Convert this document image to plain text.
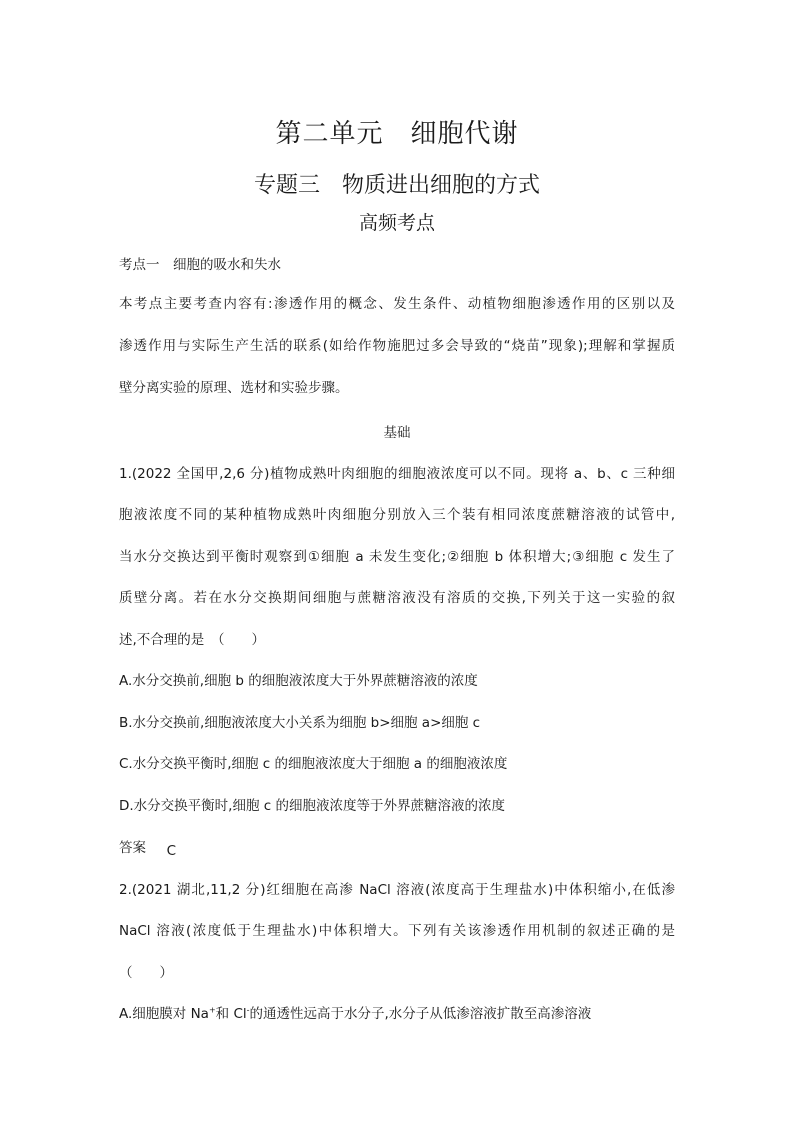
第二单元　细胞代谢
专题三　物质进出细胞的方式
高频考点
考点一　细胞的吸水和失水
本考点主要考查内容有:渗透作用的概念、发生条件、动植物细胞渗透作用的区别以及
渗透作用与实际生产生活的联系(如给作物施肥过多会导致的“烧苗”现象);理解和掌握质
壁分离实验的原理、选材和实验步骤。
基础
1.(2022 全国甲,2,6 分)植物成熟叶肉细胞的细胞液浓度可以不同。现将 a、b、c 三种细
胞液浓度不同的某种植物成熟叶肉细胞分别放入三个装有相同浓度蔗糖溶液的试管中,
当水分交换达到平衡时观察到①细胞 a 未发生变化;②细胞 b 体积增大;③细胞 c 发生了
质壁分离。若在水分交换期间细胞与蔗糖溶液没有溶质的交换,下列关于这一实验的叙
述,不合理的是　（　　）
A.水分交换前,细胞 b 的细胞液浓度大于外界蔗糖溶液的浓度
B.水分交换前,细胞液浓度大小关系为细胞 b>细胞 a>细胞 c
C.水分交换平衡时,细胞 c 的细胞液浓度大于细胞 a 的细胞液浓度
D.水分交换平衡时,细胞 c 的细胞液浓度等于外界蔗糖溶液的浓度
答案 C
2.(2021 湖北,11,2 分)红细胞在高渗 NaCl 溶液(浓度高于生理盐水)中体积缩小,在低渗
NaCl 溶液(浓度低于生理盐水)中体积增大。下列有关该渗透作用机制的叙述正确的是
（　　）
A.细胞膜对 Na+和 Cl-的通透性远高于水分子,水分子从低渗溶液扩散至高渗溶液
